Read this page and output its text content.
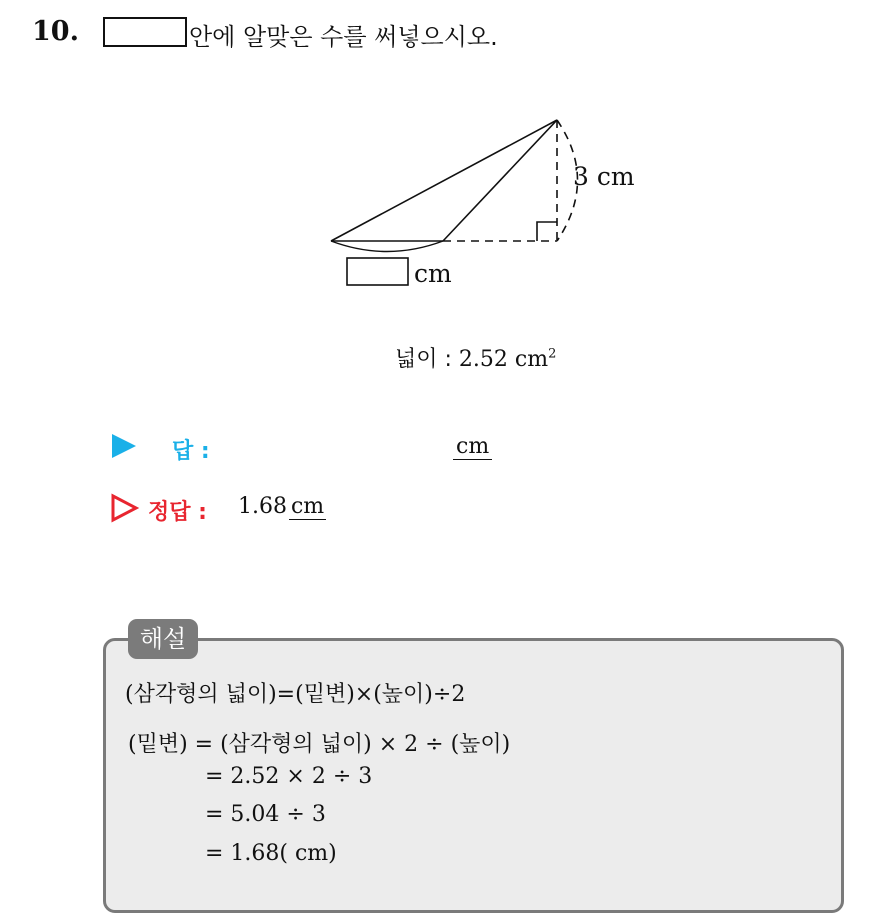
10.	안에 알맞은 수를 써넣으시오.
3 cm
cm
넓이 : 2.52 $cm^2$
답 :	cm
정답 : 1.68 cm
해설
(삼각형의 넓이)=(밑변)×(높이)÷2
(밑변) = (삼각형의 넓이) × 2 ÷ (높이)
= 2.52 × 2 ÷ 3
= 5.04 ÷ 3
= 1.68( cm)
